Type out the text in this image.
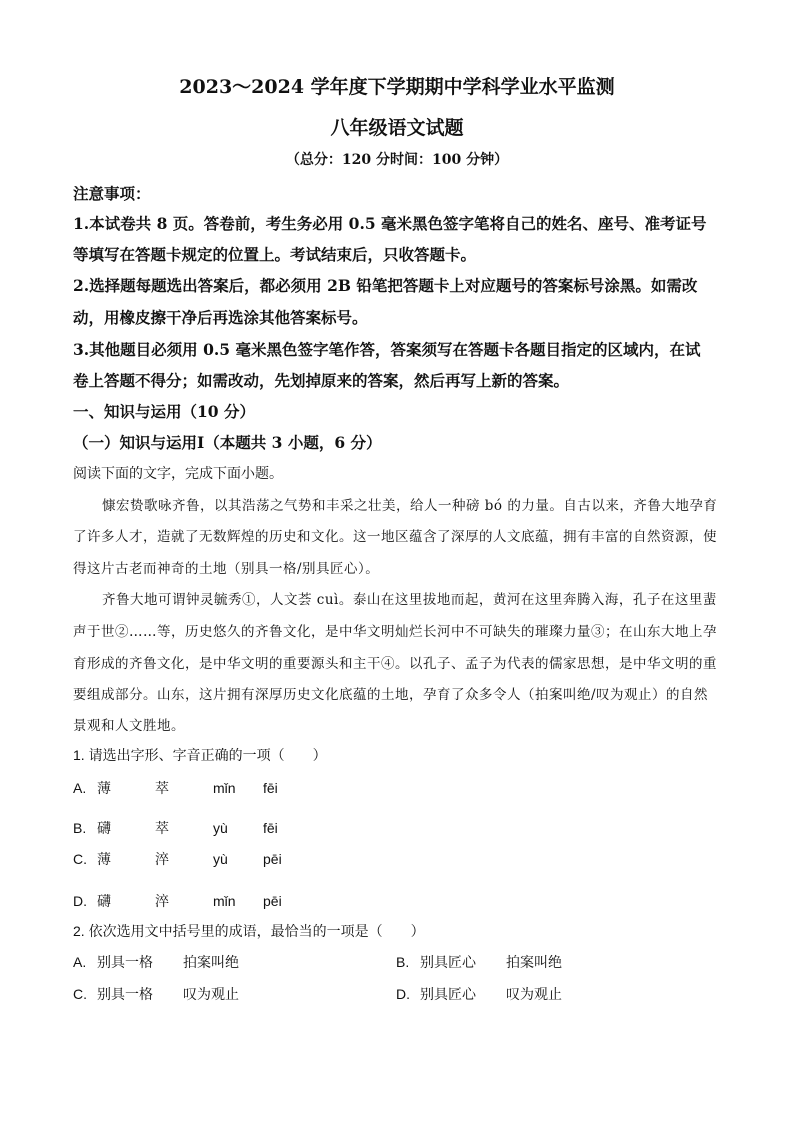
2023～2024 学年度下学期期中学科学业水平监测
八年级语文试题
（总分：120 分时间：100 分钟）
注意事项：
1.本试卷共 8 页。答卷前，考生务必用 0.5 毫米黑色签字笔将自己的姓名、座号、准考证号
等填写在答题卡规定的位置上。考试结束后，只收答题卡。
2.选择题每题选出答案后，都必须用 2B 铅笔把答题卡上对应题号的答案标号涂黑。如需改
动，用橡皮擦干净后再选涂其他答案标号。
3.其他题目必须用 0.5 毫米黑色签字笔作答，答案须写在答题卡各题目指定的区域内，在试
卷上答题不得分；如需改动，先划掉原来的答案，然后再写上新的答案。
一、知识与运用（10 分）
（一）知识与运用Ⅰ（本题共 3 小题，6 分）
阅读下面的文字，完成下面小题。
慷宏贽歌咏齐鲁，以其浩荡之气势和丰采之壮美，给人一种磅 bó 的力量。自古以来，齐鲁大地孕育
了许多人才，造就了无数辉煌的历史和文化。这一地区蕴含了深厚的人文底蕴，拥有丰富的自然资源，使
得这片古老而神奇的土地（别具一格/别具匠心）。
齐鲁大地可谓钟灵毓秀①，人文荟 cuì。泰山在这里拔地而起，黄河在这里奔腾入海，孔子在这里蜚
声于世②……等，历史悠久的齐鲁文化，是中华文明灿烂长河中不可缺失的璀璨力量③；在山东大地上孕
育形成的齐鲁文化，是中华文明的重要源头和主干④。以孔子、孟子为代表的儒家思想，是中华文明的重
要组成部分。山东，这片拥有深厚历史文化底蕴的土地，孕育了众多令人（拍案叫绝/叹为观止）的自然
景观和人文胜地。
1. 请选出字形、字音正确的一项（　　）
A. 薄	萃	mǐn fēi
B. 礴	萃	yù	fēi
C. 薄	淬	yù	pēi
D. 礴	淬	mǐn pēi
2. 依次选用文中括号里的成语，最恰当的一项是（　　）
A. 别具一格 拍案叫绝	B. 别具匠心 拍案叫绝
C. 别具一格 叹为观止	D. 别具匠心 叹为观止
